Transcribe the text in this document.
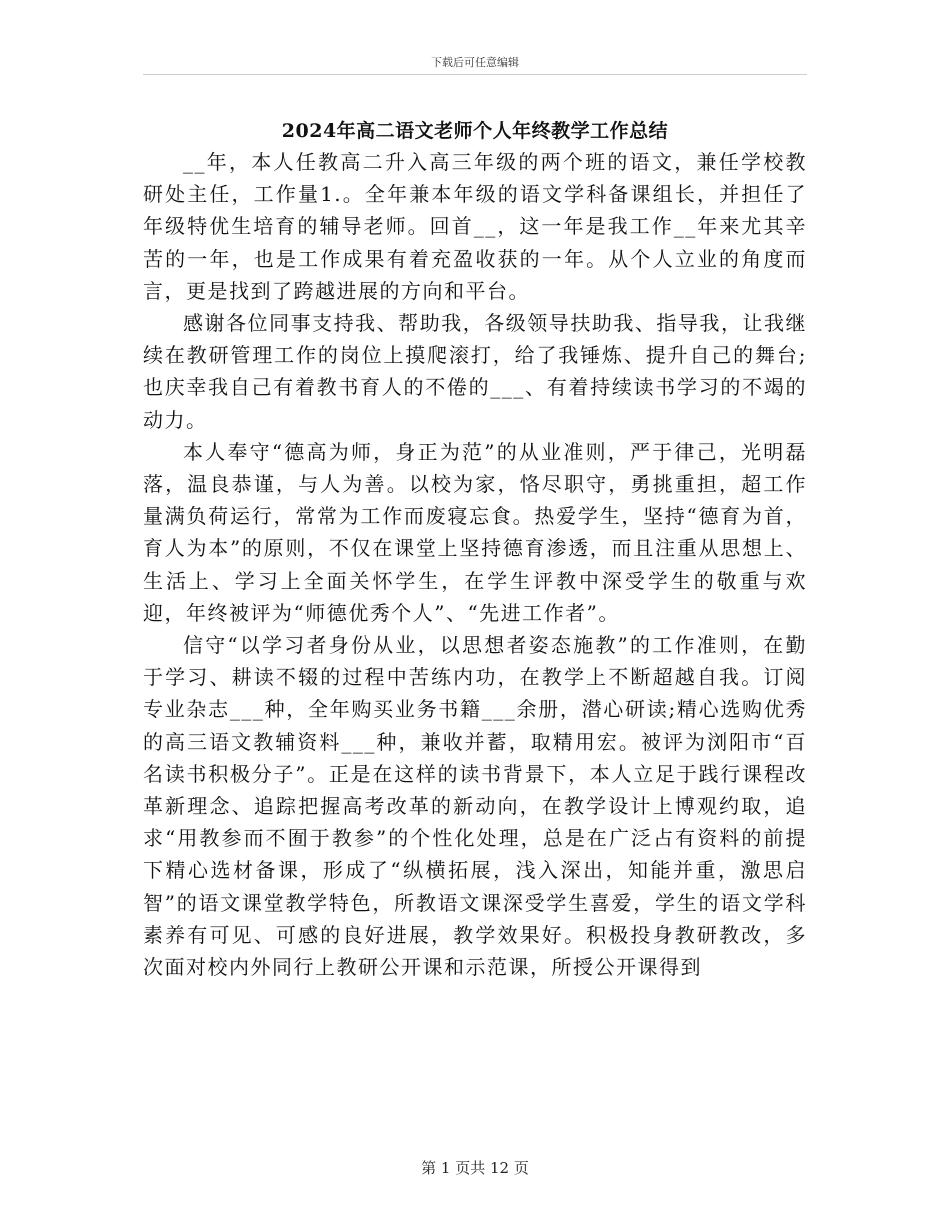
下载后可任意编辑
2024年高二语文老师个人年终教学工作总结

__年，本人任教高二升入高三年级的两个班的语文，兼任学校教研处主任，工作量1.。全年兼本年级的语文学科备课组长，并担任了年级特优生培育的辅导老师。回首__，这一年是我工作__年来尤其辛苦的一年，也是工作成果有着充盈收获的一年。从个人立业的角度而言，更是找到了跨越进展的方向和平台。

感谢各位同事支持我、帮助我，各级领导扶助我、指导我，让我继续在教研管理工作的岗位上摸爬滚打，给了我锤炼、提升自己的舞台;也庆幸我自己有着教书育人的不倦的___、有着持续读书学习的不竭的动力。

本人奉守“德高为师，身正为范”的从业准则，严于律己，光明磊落，温良恭谨，与人为善。以校为家，恪尽职守，勇挑重担，超工作量满负荷运行，常常为工作而废寝忘食。热爱学生，坚持“德育为首，育人为本”的原则，不仅在课堂上坚持德育渗透，而且注重从思想上、生活上、学习上全面关怀学生，在学生评教中深受学生的敬重与欢迎，年终被评为“师德优秀个人”、“先进工作者”。

信守“以学习者身份从业，以思想者姿态施教”的工作准则，在勤于学习、耕读不辍的过程中苦练内功，在教学上不断超越自我。订阅专业杂志___种，全年购买业务书籍___余册，潜心研读;精心选购优秀的高三语文教辅资料___种，兼收并蓄，取精用宏。被评为浏阳市“百名读书积极分子”。正是在这样的读书背景下，本人立足于践行课程改革新理念、追踪把握高考改革的新动向，在教学设计上博观约取，追求“用教参而不囿于教参”的个性化处理，总是在广泛占有资料的前提下精心选材备课，形成了“纵横拓展，浅入深出，知能并重，激思启智”的语文课堂教学特色，所教语文课深受学生喜爱，学生的语文学科素养有可见、可感的良好进展，教学效果好。积极投身教研教改，多次面对校内外同行上教研公开课和示范课，所授公开课得到

第 1 页共 12 页
